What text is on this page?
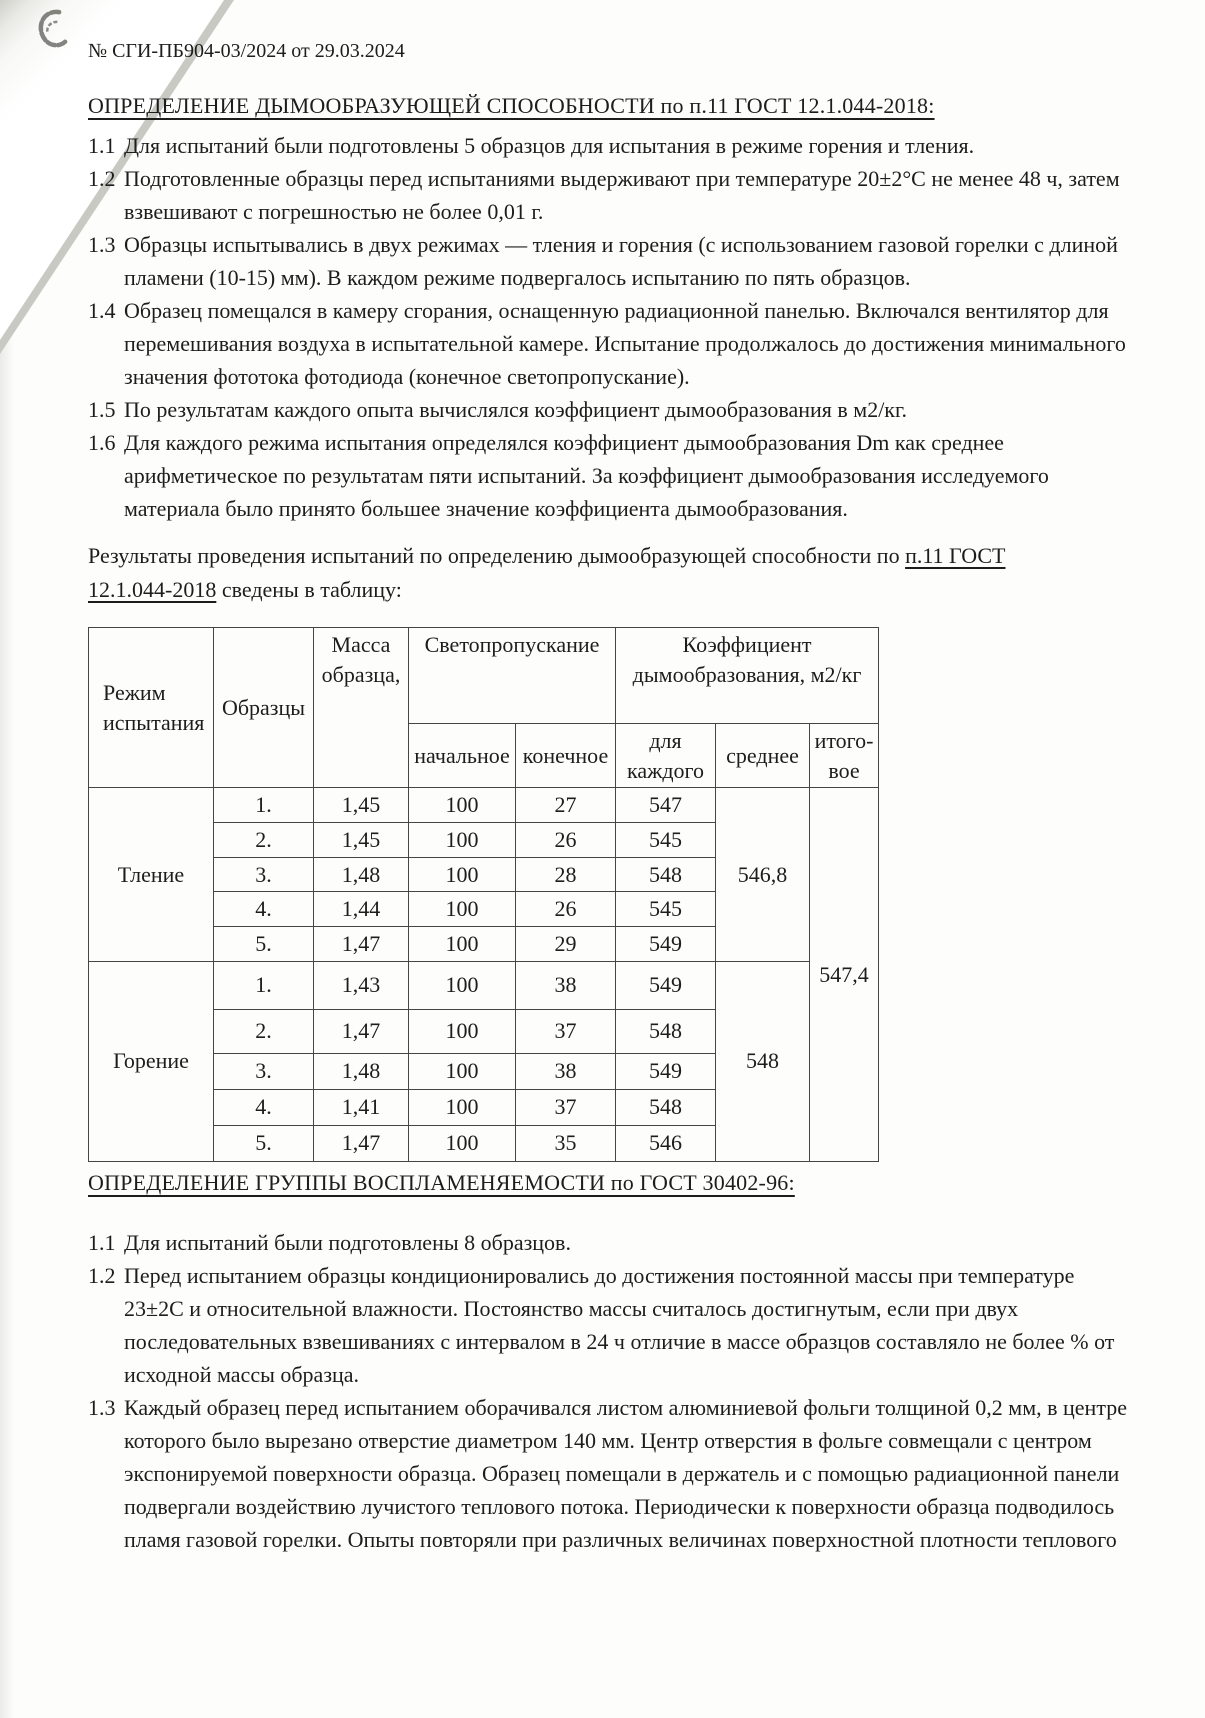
№ СГИ-ПБ904-03/2024 от 29.03.2024
ОПРЕДЕЛЕНИЕ ДЫМООБРАЗУЮЩЕЙ СПОСОБНОСТИ по п.11 ГОСТ 12.1.044-2018:
1.1 Для испытаний были подготовлены 5 образцов для испытания в режиме горения и тления.
1.2 Подготовленные образцы перед испытаниями выдерживают при температуре 20±2°С не менее 48 ч, затем взвешивают с погрешностью не более 0,01 г.
1.3 Образцы испытывались в двух режимах — тления и горения (с использованием газовой горелки с длиной пламени (10-15) мм). В каждом режиме подвергалось испытанию по пять образцов.
1.4 Образец помещался в камеру сгорания, оснащенную радиационной панелью. Включался вентилятор для перемешивания воздуха в испытательной камере. Испытание продолжалось до достижения минимального значения фототока фотодиода (конечное светопропускание).
1.5 По результатам каждого опыта вычислялся коэффициент дымообразования в м2/кг.
1.6 Для каждого режима испытания определялся коэффициент дымообразования Dm как среднее арифметическое по результатам пяти испытаний. За коэффициент дымообразования исследуемого материала было принято большее значение коэффициента дымообразования.

Результаты проведения испытаний по определению дымообразующей способности по п.11 ГОСТ 12.1.044-2018 сведены в таблицу:

Режим испытания	Образцы	Масса образца,	Светопропускание		Коэффициент дымообразования, м2/кг		
			начальное	конечное	для каждого	среднее	итого-вое
Тление	1.	1,45	100	27	547	546,8	547,4
	2.	1,45	100	26	545		
	3.	1,48	100	28	548		
	4.	1,44	100	26	545		
	5.	1,47	100	29	549		
Горение	1.	1,43	100	38	549	548	
	2.	1,47	100	37	548		
	3.	1,48	100	38	549		
	4.	1,41	100	37	548		
	5.	1,47	100	35	546		
ОПРЕДЕЛЕНИЕ ГРУППЫ ВОСПЛАМЕНЯЕМОСТИ по ГОСТ 30402-96:
1.1 Для испытаний были подготовлены 8 образцов.
1.2 Перед испытанием образцы кондиционировались до достижения постоянной массы при температуре 23±2С и относительной влажности. Постоянство массы считалось достигнутым, если при двух последовательных взвешиваниях с интервалом в 24 ч отличие в массе образцов составляло не более % от исходной массы образца.
1.3 Каждый образец перед испытанием оборачивался листом алюминиевой фольги толщиной 0,2 мм, в центре которого было вырезано отверстие диаметром 140 мм. Центр отверстия в фольге совмещали с центром экспонируемой поверхности образца. Образец помещали в держатель и с помощью радиационной панели подвергали воздействию лучистого теплового потока. Периодически к поверхности образца подводилось пламя газовой горелки. Опыты повторяли при различных величинах поверхностной плотности теплового
